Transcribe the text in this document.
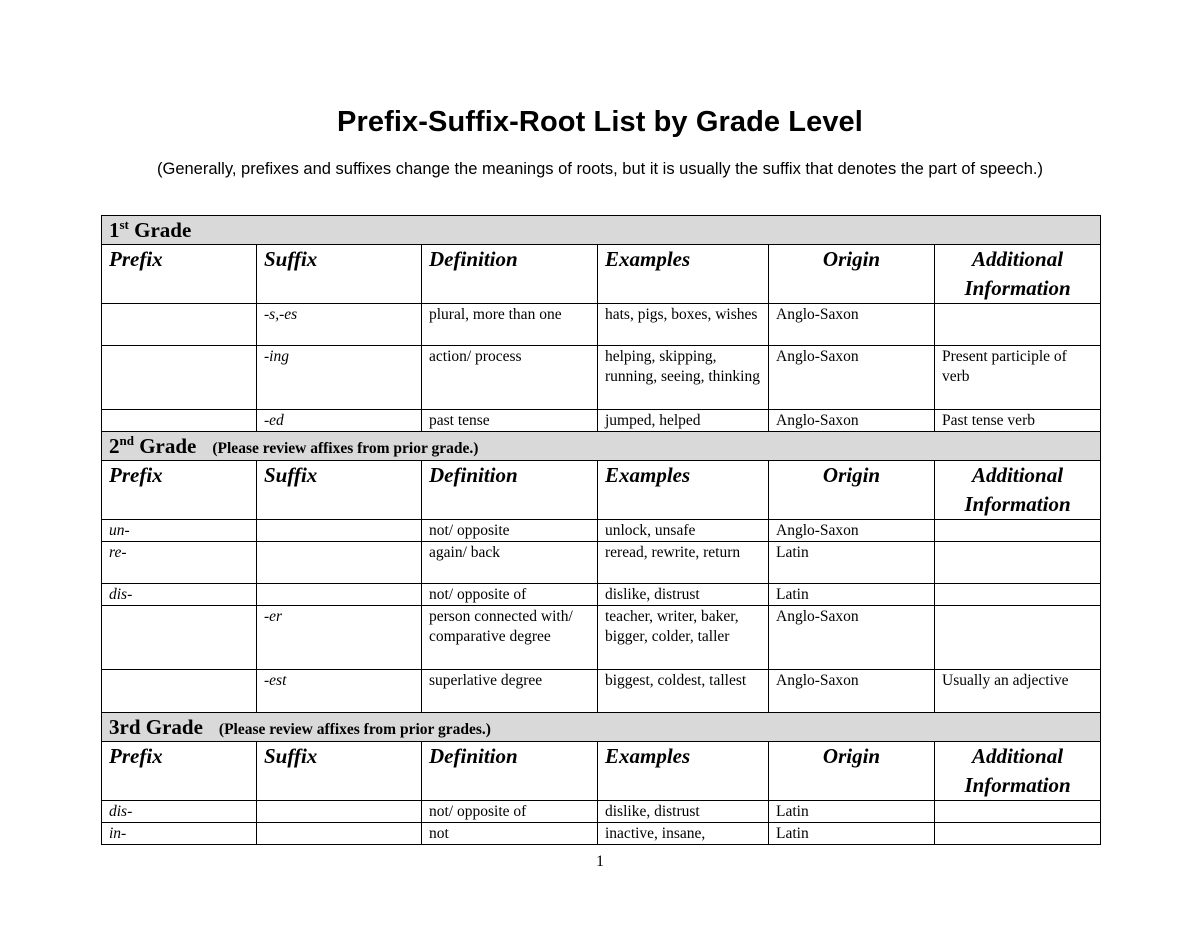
Prefix-Suffix-Root List by Grade Level
(Generally, prefixes and suffixes change the meanings of roots, but it is usually the suffix that denotes the part of speech.)
1st Grade					
Prefix	Suffix	Definition	Examples	Origin	Additional Information
	-s,-es	plural, more than one	hats, pigs, boxes, wishes	Anglo-Saxon	
	-ing	action/ process	helping, skipping, running, seeing, thinking	Anglo-Saxon	Present participle of verb
	-ed	past tense	jumped, helped	Anglo-Saxon	Past tense verb
2nd Grade (Please review affixes from prior grade.)					
Prefix	Suffix	Definition	Examples	Origin	Additional Information
un-		not/ opposite	unlock, unsafe	Anglo-Saxon	
re-		again/ back	reread, rewrite, return	Latin	
dis-		not/ opposite of	dislike, distrust	Latin	
	-er	person connected with/ comparative degree	teacher, writer, baker, bigger, colder, taller	Anglo-Saxon	
	-est	superlative degree	biggest, coldest, tallest	Anglo-Saxon	Usually an adjective
3rd Grade (Please review affixes from prior grades.)					
Prefix	Suffix	Definition	Examples	Origin	Additional Information
dis-		not/ opposite of	dislike, distrust	Latin	
in-		not	inactive, insane,	Latin	
1
